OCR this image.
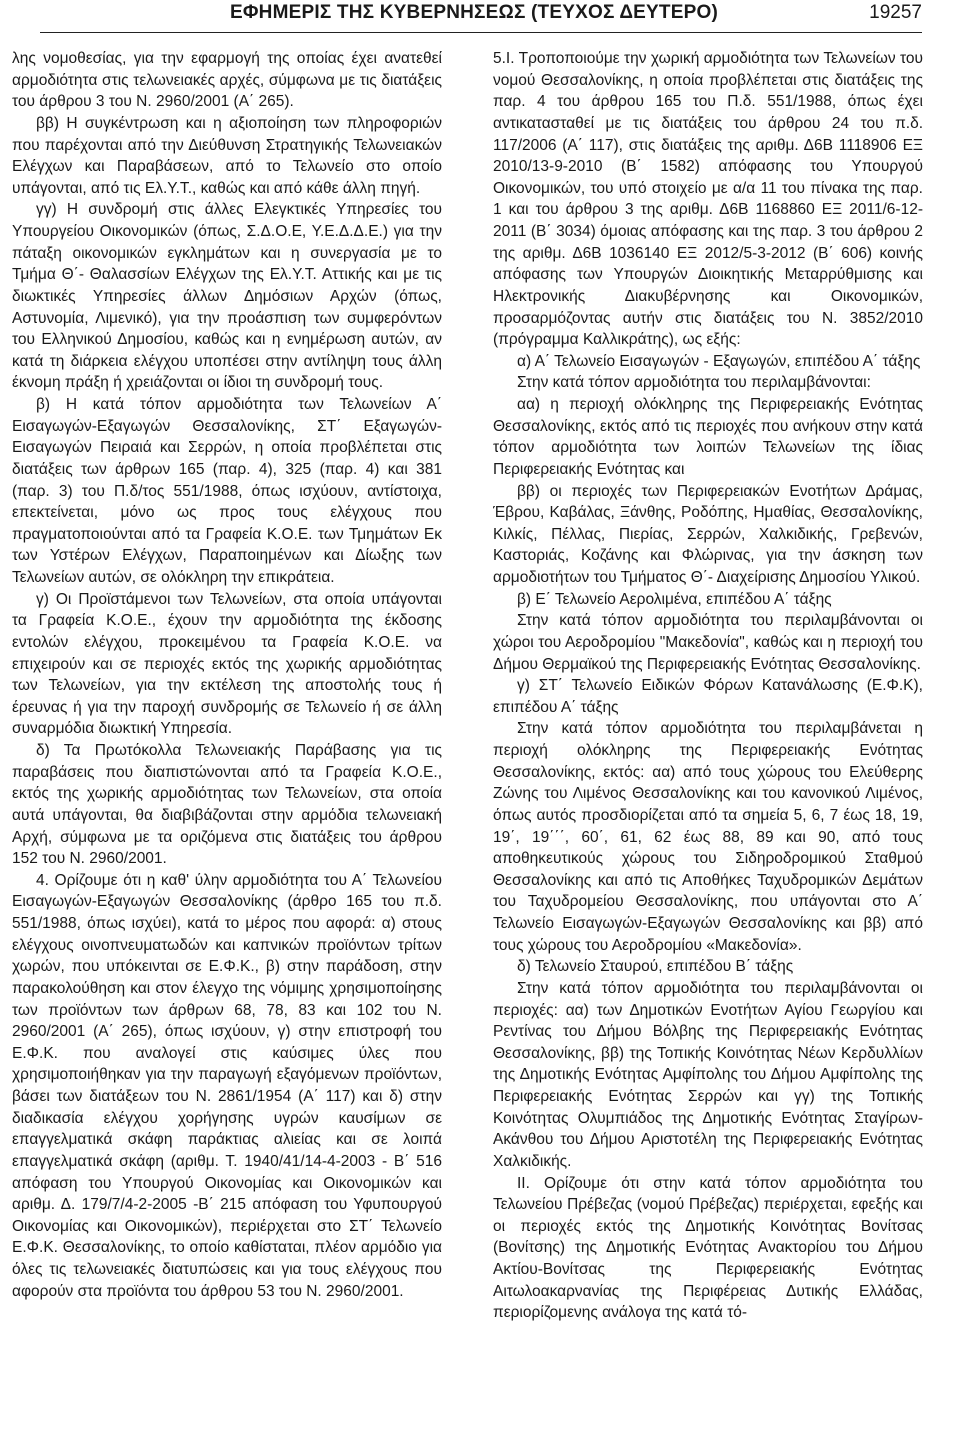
ΕΦΗΜΕΡΙΣ ΤΗΣ ΚΥΒΕΡΝΗΣΕΩΣ (ΤΕΥΧΟΣ ΔΕΥΤΕΡΟ)	19257

λης νομοθεσίας, για την εφαρμογή της οποίας έχει ανατεθεί αρμοδιότητα στις τελωνειακές αρχές, σύμφωνα με τις διατάξεις του άρθρου 3 του Ν. 2960/2001 (Α΄ 265).

ββ) Η συγκέντρωση και η αξιοποίηση των πληροφοριών που παρέχονται από την Διεύθυνση Στρατηγικής Τελωνειακών Ελέγχων και Παραβάσεων, από το Τελωνείο στο οποίο υπάγονται, από τις Ελ.Υ.Τ., καθώς και από κάθε άλλη πηγή.

γγ) Η συνδρομή στις άλλες Ελεγκτικές Υπηρεσίες του Υπουργείου Οικονομικών (όπως, Σ.Δ.Ο.Ε, Υ.Ε.Δ.Δ.Ε.) για την πάταξη οικονομικών εγκλημάτων και η συνεργασία με το Τμήμα Θ΄- Θαλασσίων Ελέγχων της Ελ.Υ.Τ. Αττικής και με τις διωκτικές Υπηρεσίες άλλων Δημόσιων Αρχών (όπως, Αστυνομία, Λιμενικό), για την προάσπιση των συμφερόντων του Ελληνικού Δημοσίου, καθώς και η ενημέρωση αυτών, αν κατά τη διάρκεια ελέγχου υποπέσει στην αντίληψη τους άλλη έκνομη πράξη ή χρειάζονται οι ίδιοι τη συνδρομή τους.

β) Η κατά τόπον αρμοδιότητα των Τελωνείων Α΄ Εισαγωγών-Εξαγωγών Θεσσαλονίκης, ΣΤ΄ Εξαγωγών-Εισαγωγών Πειραιά και Σερρών, η οποία προβλέπεται στις διατάξεις των άρθρων 165 (παρ. 4), 325 (παρ. 4) και 381 (παρ. 3) του Π.δ/τος 551/1988, όπως ισχύουν, αντίστοιχα, επεκτείνεται, μόνο ως προς τους ελέγχους που πραγματοποιούνται από τα Γραφεία Κ.Ο.Ε. των Τμημάτων Εκ των Υστέρων Ελέγχων, Παραποιημένων και Δίωξης των Τελωνείων αυτών, σε ολόκληρη την επικράτεια.

γ) Οι Προϊστάμενοι των Τελωνείων, στα οποία υπάγονται τα Γραφεία Κ.Ο.Ε., έχουν την αρμοδιότητα της έκδοσης εντολών ελέγχου, προκειμένου τα Γραφεία Κ.Ο.Ε. να επιχειρούν και σε περιοχές εκτός της χωρικής αρμοδιότητας των Τελωνείων, για την εκτέλεση της αποστολής τους ή έρευνας ή για την παροχή συνδρομής σε Τελωνείο ή σε άλλη συναρμόδια διωκτική Υπηρεσία.

δ) Τα Πρωτόκολλα Τελωνειακής Παράβασης για τις παραβάσεις που διαπιστώνονται από τα Γραφεία Κ.Ο.Ε., εκτός της χωρικής αρμοδιότητας των Τελωνείων, στα οποία αυτά υπάγονται, θα διαβιβάζονται στην αρμόδια τελωνειακή Αρχή, σύμφωνα με τα οριζόμενα στις διατάξεις του άρθρου 152 του Ν. 2960/2001.

4. Ορίζουμε ότι η καθ' ύλην αρμοδιότητα του Α΄ Τελωνείου Εισαγωγών-Εξαγωγών Θεσσαλονίκης (άρθρο 165 του π.δ. 551/1988, όπως ισχύει), κατά το μέρος που αφορά: α) στους ελέγχους οινοπνευματωδών και καπνικών προϊόντων τρίτων χωρών, που υπόκεινται σε Ε.Φ.Κ., β) στην παράδοση, στην παρακολούθηση και στον έλεγχο της νόμιμης χρησιμοποίησης των προϊόντων των άρθρων 68, 78, 83 και 102 του Ν. 2960/2001 (Α΄ 265), όπως ισχύουν, γ) στην επιστροφή του Ε.Φ.Κ. που αναλογεί στις καύσιμες ύλες που χρησιμοποιήθηκαν για την παραγωγή εξαγόμενων προϊόντων, βάσει των διατάξεων του Ν. 2861/1954 (Α΄ 117) και δ) στην διαδικασία ελέγχου χορήγησης υγρών καυσίμων σε επαγγελματικά σκάφη παράκτιας αλιείας και σε λοιπά επαγγελματικά σκάφη (αριθμ. Τ. 1940/41/14-4-2003 - Β΄ 516 απόφαση του Υπουργού Οικονομίας και Οικονομικών και αριθμ. Δ. 179/7/4-2-2005 -Β΄ 215 απόφαση του Υφυπουργού Οικονομίας και Οικονομικών), περιέρχεται στο ΣΤ΄ Τελωνείο Ε.Φ.Κ. Θεσσαλονίκης, το οποίο καθίσταται, πλέον αρμόδιο για όλες τις τελωνειακές διατυπώσεις και για τους ελέγχους που αφορούν στα προϊόντα του άρθρου 53 του Ν. 2960/2001.

5.Ι. Τροποποιούμε την χωρική αρμοδιότητα των Τελωνείων του νομού Θεσσαλονίκης, η οποία προβλέπεται στις διατάξεις της παρ. 4 του άρθρου 165 του Π.δ. 551/1988, όπως έχει αντικατασταθεί με τις διατάξεις του άρθρου 24 του π.δ. 117/2006 (Α΄ 117), στις διατάξεις της αριθμ. Δ6Β 1118906 ΕΞ 2010/13-9-2010 (Β΄ 1582) απόφασης του Υπουργού Οικονομικών, του υπό στοιχείο με α/α 11 του πίνακα της παρ. 1 και του άρθρου 3 της αριθμ. Δ6Β 1168860 ΕΞ 2011/6-12-2011 (Β΄ 3034) όμοιας απόφασης και της παρ. 3 του άρθρου 2 της αριθμ. Δ6Β 1036140 ΕΞ 2012/5-3-2012 (Β΄ 606) κοινής απόφασης των Υπουργών Διοικητικής Μεταρρύθμισης και Ηλεκτρονικής Διακυβέρνησης και Οικονομικών, προσαρμόζοντας αυτήν στις διατάξεις του Ν. 3852/2010 (πρόγραμμα Καλλικράτης), ως εξής:

α) Α΄ Τελωνείο Εισαγωγών - Εξαγωγών, επιπέδου Α΄ τάξης

Στην κατά τόπον αρμοδιότητα του περιλαμβάνονται:

αα) η περιοχή ολόκληρης της Περιφερειακής Ενότητας Θεσσαλονίκης, εκτός από τις περιοχές που ανήκουν στην κατά τόπον αρμοδιότητα των λοιπών Τελωνείων της ίδιας Περιφερειακής Ενότητας και

ββ) οι περιοχές των Περιφερειακών Ενοτήτων Δράμας, Έβρου, Καβάλας, Ξάνθης, Ροδόπης, Ημαθίας, Θεσσαλονίκης, Κιλκίς, Πέλλας, Πιερίας, Σερρών, Χαλκιδικής, Γρεβενών, Καστοριάς, Κοζάνης και Φλώρινας, για την άσκηση των αρμοδιοτήτων του Τμήματος Θ΄- Διαχείρισης Δημοσίου Υλικού.

β) Ε΄ Τελωνείο Αερολιμένα, επιπέδου Α΄ τάξης

Στην κατά τόπον αρμοδιότητα του περιλαμβάνονται οι χώροι του Αεροδρομίου "Μακεδονία", καθώς και η περιοχή του Δήμου Θερμαϊκού της Περιφερειακής Ενότητας Θεσσαλονίκης.

γ) ΣΤ΄ Τελωνείο Ειδικών Φόρων Κατανάλωσης (Ε.Φ.Κ), επιπέδου Α΄ τάξης

Στην κατά τόπον αρμοδιότητα του περιλαμβάνεται η περιοχή ολόκληρης της Περιφερειακής Ενότητας Θεσσαλονίκης, εκτός: αα) από τους χώρους του Ελεύθερης Ζώνης του Λιμένος Θεσσαλονίκης και του κανονικού Λιμένος, όπως αυτός προσδιορίζεται από τα σημεία 5, 6, 7 έως 18, 19, 19΄, 19΄΄΄, 60΄, 61, 62 έως 88, 89 και 90, από τους αποθηκευτικούς χώρους του Σιδηροδρομικού Σταθμού Θεσσαλονίκης και από τις Αποθήκες Ταχυδρομικών Δεμάτων του Ταχυδρομείου Θεσσαλονίκης, που υπάγονται στο Α΄ Τελωνείο Εισαγωγών-Εξαγωγών Θεσσαλονίκης και ββ) από τους χώρους του Αεροδρομίου «Μακεδονία».

δ) Τελωνείο Σταυρού, επιπέδου Β΄ τάξης

Στην κατά τόπον αρμοδιότητα του περιλαμβάνονται οι περιοχές: αα) των Δημοτικών Ενοτήτων Αγίου Γεωργίου και Ρεντίνας του Δήμου Βόλβης της Περιφερειακής Ενότητας Θεσσαλονίκης, ββ) της Τοπικής Κοινότητας Νέων Κερδυλλίων της Δημοτικής Ενότητας Αμφίπολης του Δήμου Αμφίπολης της Περιφερειακής Ενότητας Σερρών και γγ) της Τοπικής Κοινότητας Ολυμπιάδος της Δημοτικής Ενότητας Σταγίρων-Ακάνθου του Δήμου Αριστοτέλη της Περιφερειακής Ενότητας Χαλκιδικής.

ΙΙ. Ορίζουμε ότι στην κατά τόπον αρμοδιότητα του Τελωνείου Πρέβεζας (νομού Πρέβεζας) περιέρχεται, εφεξής και οι περιοχές εκτός της Δημοτικής Κοινότητας Βονίτσας (Βονίτσης) της Δημοτικής Ενότητας Ανακτορίου του Δήμου Ακτίου-Βονίτσας της Περιφερειακής Ενότητας Αιτωλοακαρνανίας της Περιφέρειας Δυτικής Ελλάδας, περιορίζομενης ανάλογα της κατά τό-
